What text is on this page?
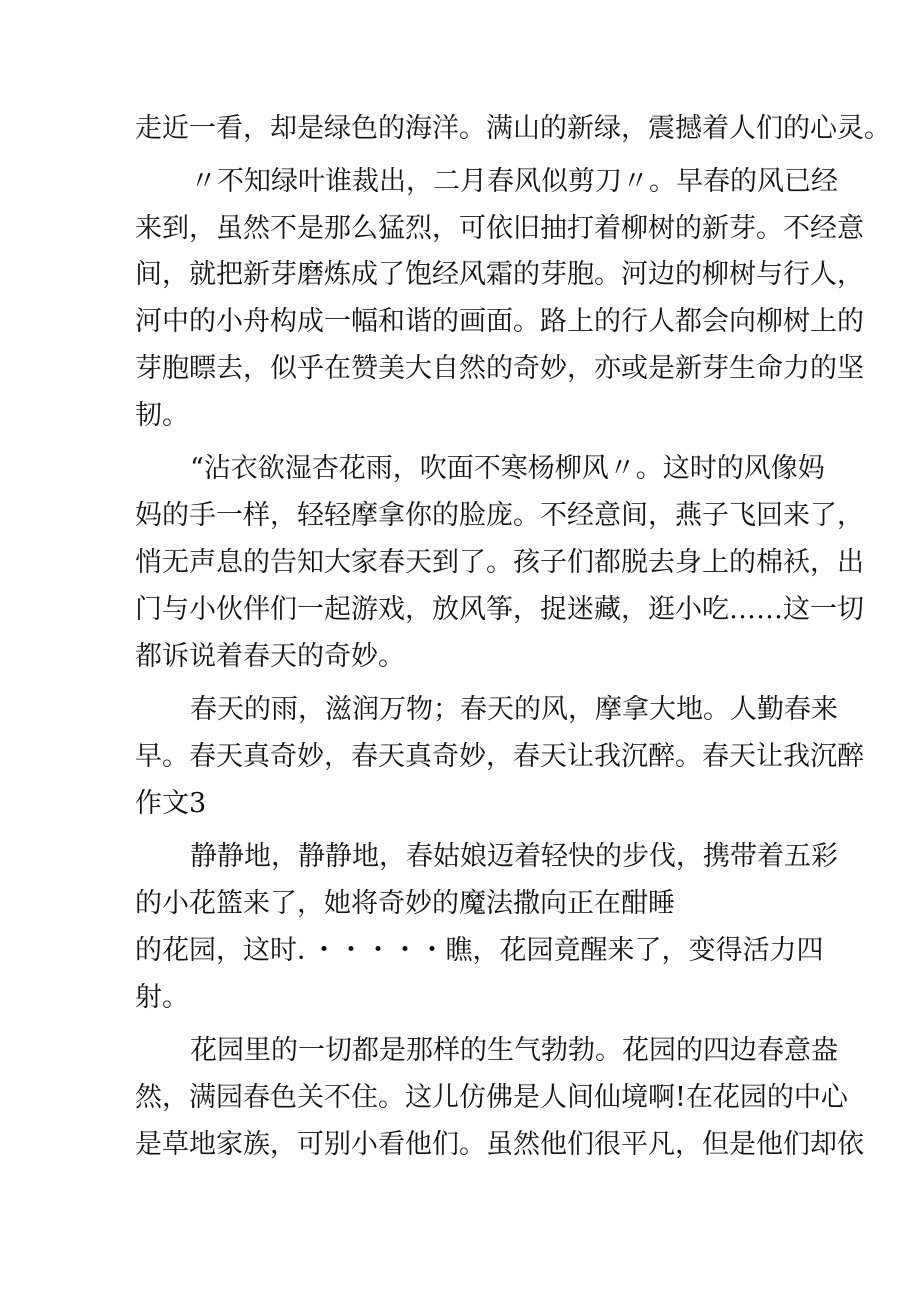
走近一看，却是绿色的海洋。满山的新绿，震撼着人们的心灵。
〃不知绿叶谁裁出，二月春风似剪刀〃。早春的风已经
来到，虽然不是那么猛烈，可依旧抽打着柳树的新芽。不经意
间，就把新芽磨炼成了饱经风霜的芽胞。河边的柳树与行人，
河中的小舟构成一幅和谐的画面。路上的行人都会向柳树上的
芽胞瞟去，似乎在赞美大自然的奇妙，亦或是新芽生命力的坚
韧。
“沾衣欲湿杏花雨，吹面不寒杨柳风〃。这时的风像妈
妈的手一样，轻轻摩拿你的脸庞。不经意间，燕子飞回来了，
悄无声息的告知大家春天到了。孩子们都脱去身上的棉袄，出
门与小伙伴们一起游戏，放风筝，捉迷藏，逛小吃……这一切
都诉说着春天的奇妙。
春天的雨，滋润万物；春天的风，摩拿大地。人勤春来
早。春天真奇妙，春天真奇妙，春天让我沉醉。春天让我沉醉
作文3
静静地，静静地，春姑娘迈着轻快的步伐，携带着五彩
的小花篮来了，她将奇妙的魔法撒向正在酣睡
的花园，这时．・・・・・瞧，花园竟醒来了，变得活力四
射。
花园里的一切都是那样的生气勃勃。花园的四边春意盎
然，满园春色关不住。这儿仿佛是人间仙境啊!在花园的中心
是草地家族，可别小看他们。虽然他们很平凡，但是他们却依
